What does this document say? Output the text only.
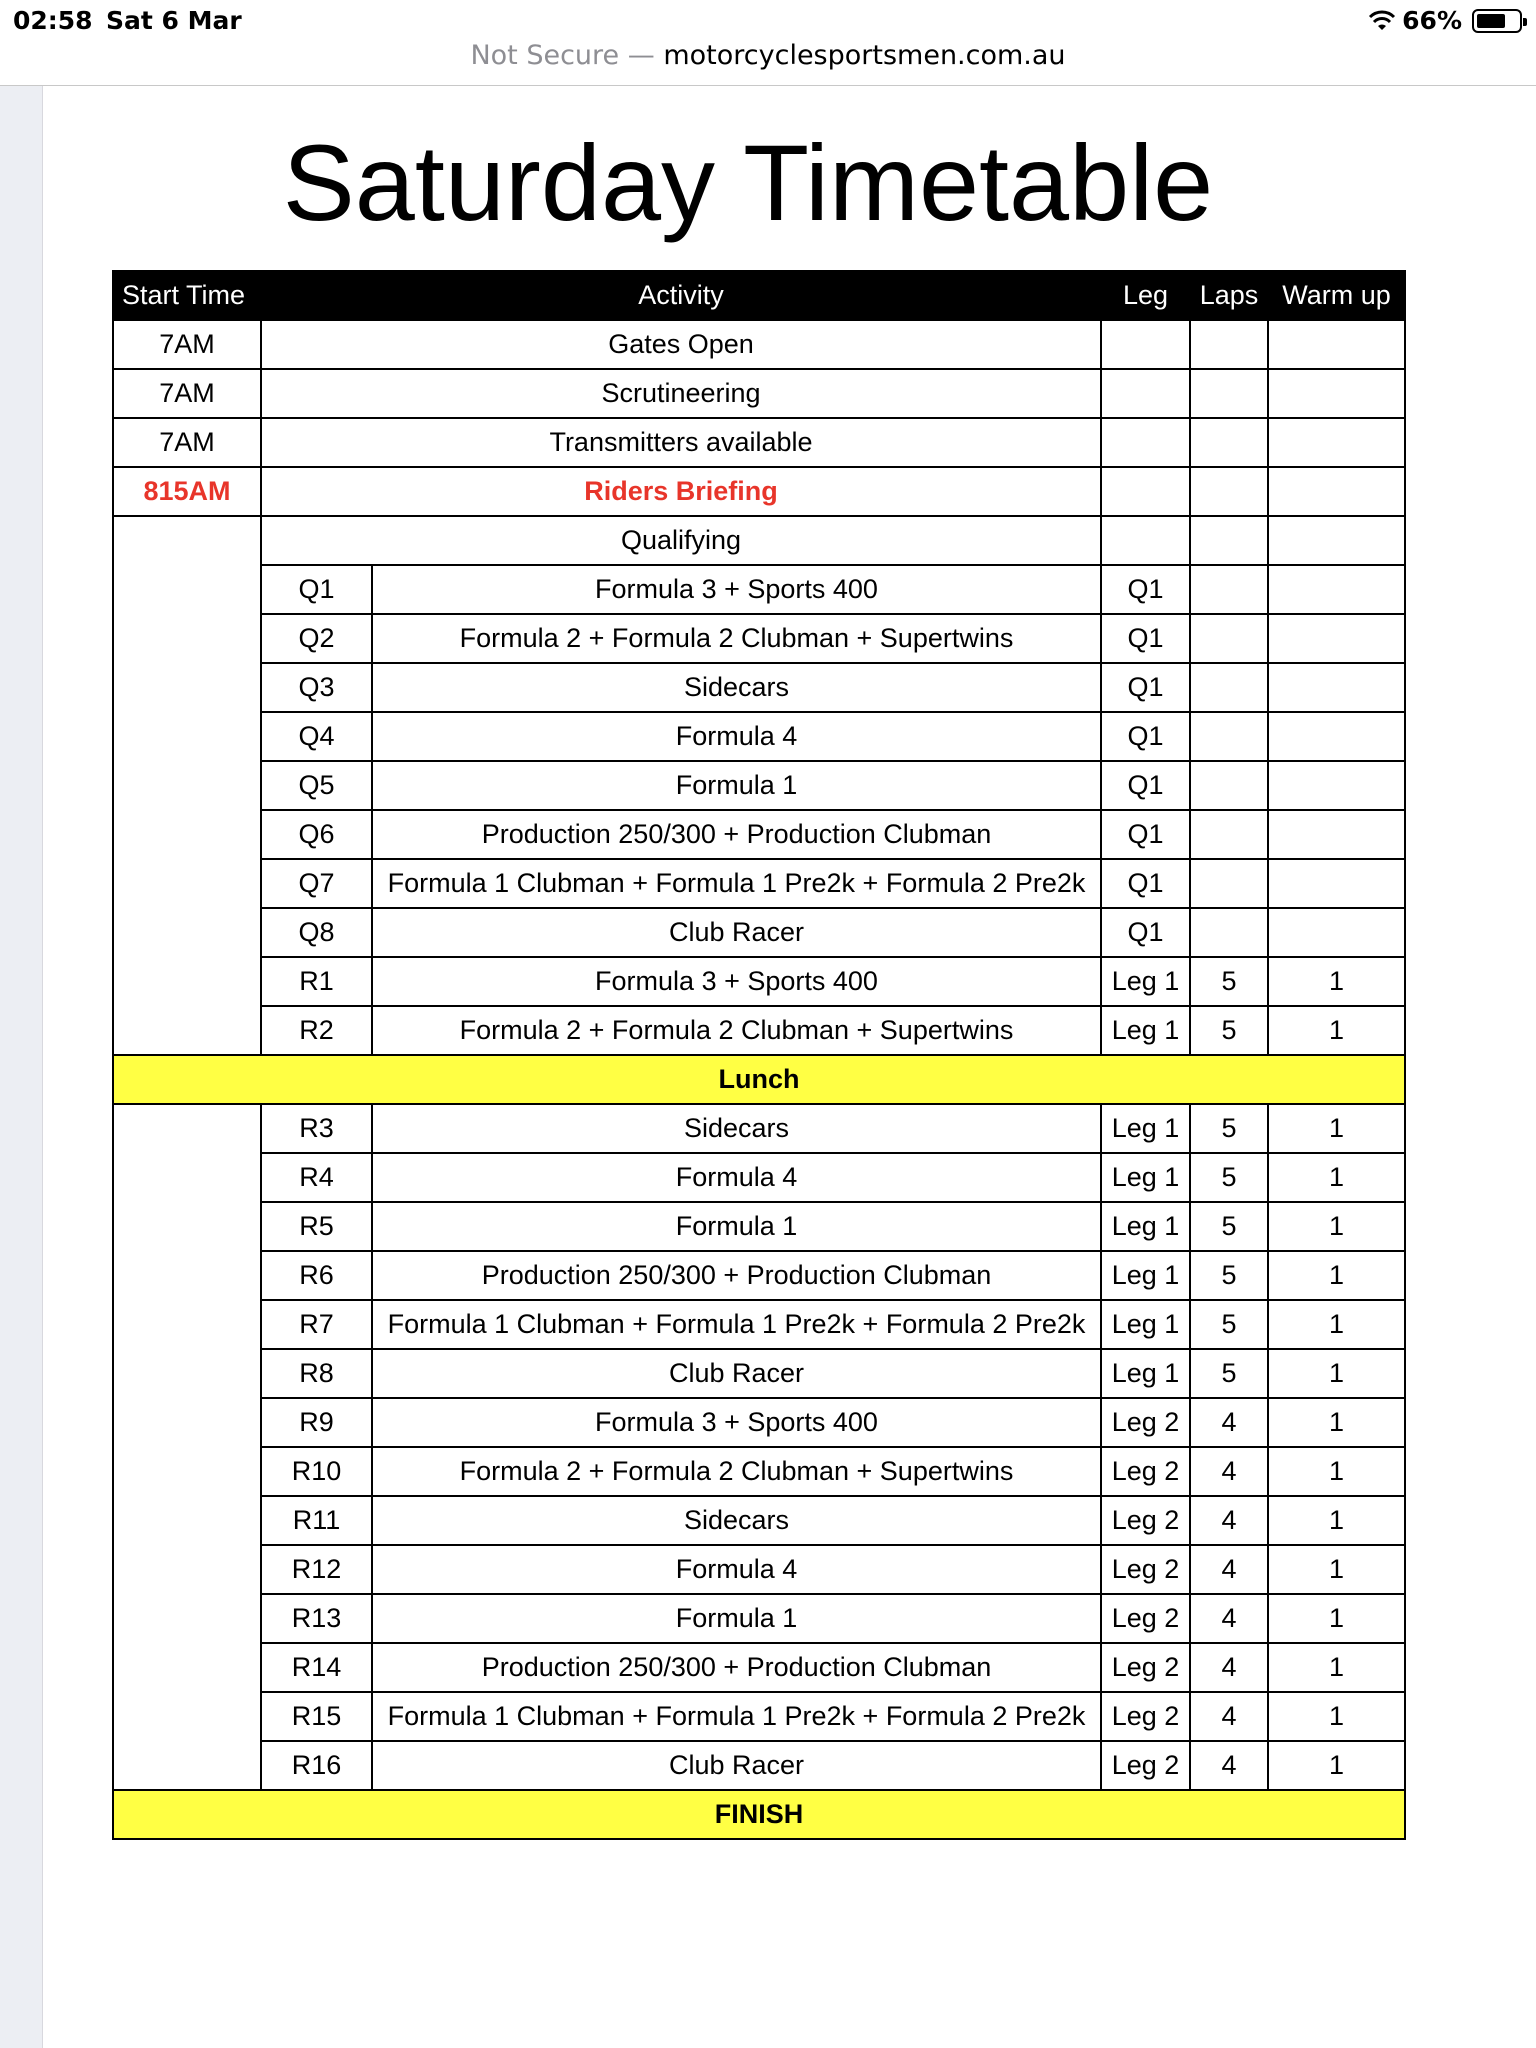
02:58 Sat 6 Mar	66%
Not Secure — motorcyclesportsmen.com.au
Saturday Timetable
Start Time	Activity		Leg	Laps	Warm up
7AM	Gates Open				
7AM	Scrutineering				
7AM	Transmitters available				
815AM	Riders Briefing				
	Qualifying				
	Q1	Formula 3 + Sports 400	Q1		
	Q2	Formula 2 + Formula 2 Clubman + Supertwins	Q1		
	Q3	Sidecars	Q1		
	Q4	Formula 4	Q1		
	Q5	Formula 1	Q1		
	Q6	Production 250/300 + Production Clubman	Q1		
	Q7	Formula 1 Clubman + Formula 1 Pre2k + Formula 2 Pre2k	Q1		
	Q8	Club Racer	Q1		
	R1	Formula 3 + Sports 400	Leg 1	5	1
	R2	Formula 2 + Formula 2 Clubman + Supertwins	Leg 1	5	1
Lunch					
	R3	Sidecars	Leg 1	5	1
	R4	Formula 4	Leg 1	5	1
	R5	Formula 1	Leg 1	5	1
	R6	Production 250/300 + Production Clubman	Leg 1	5	1
	R7	Formula 1 Clubman + Formula 1 Pre2k + Formula 2 Pre2k	Leg 1	5	1
	R8	Club Racer	Leg 1	5	1
	R9	Formula 3 + Sports 400	Leg 2	4	1
	R10	Formula 2 + Formula 2 Clubman + Supertwins	Leg 2	4	1
	R11	Sidecars	Leg 2	4	1
	R12	Formula 4	Leg 2	4	1
	R13	Formula 1	Leg 2	4	1
	R14	Production 250/300 + Production Clubman	Leg 2	4	1
	R15	Formula 1 Clubman + Formula 1 Pre2k + Formula 2 Pre2k	Leg 2	4	1
	R16	Club Racer	Leg 2	4	1
FINISH					
